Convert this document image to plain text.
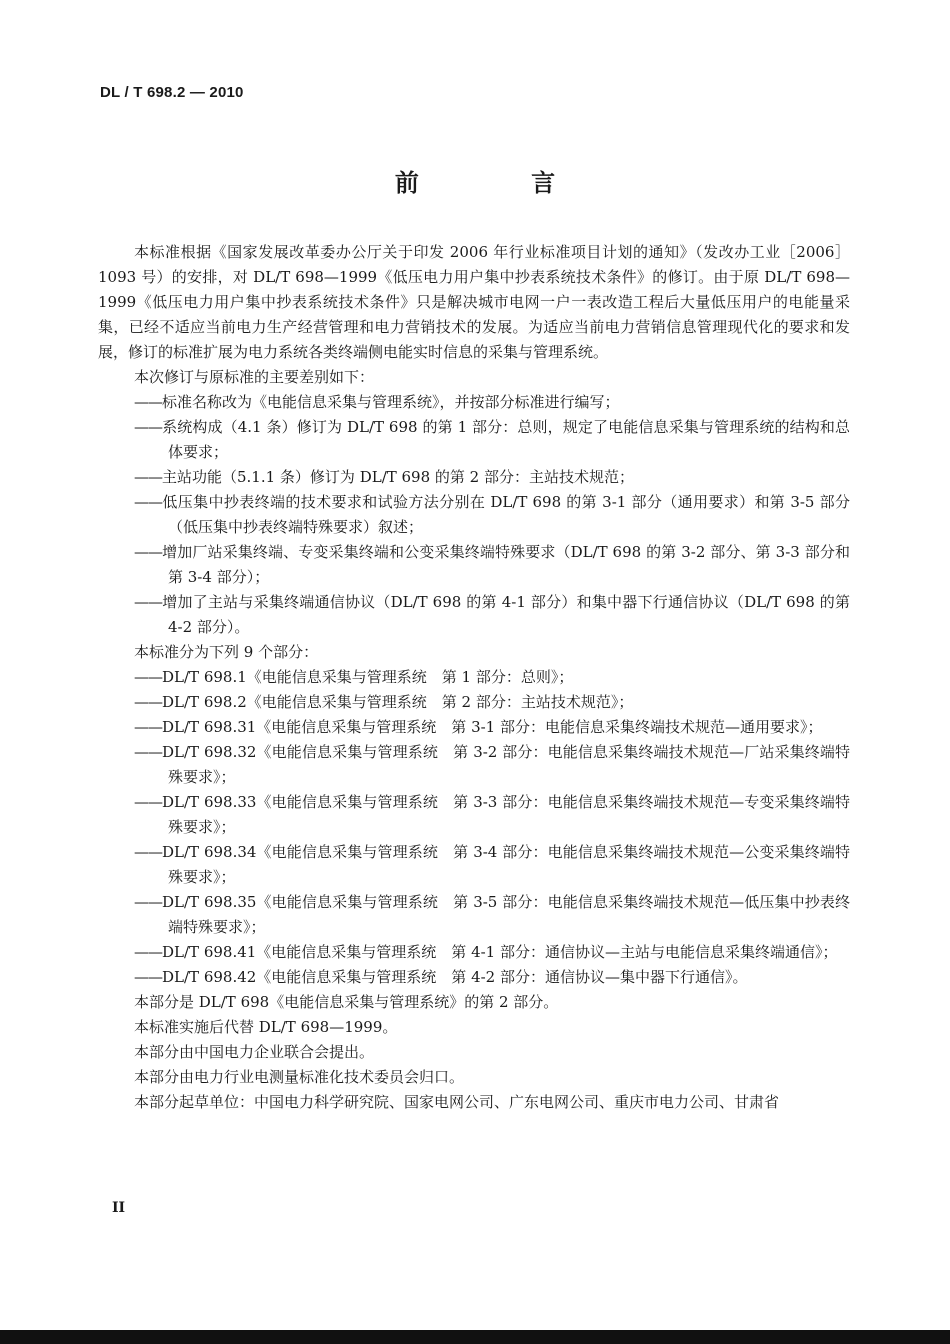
DL / T 698.2 — 2010
前 言

本标准根据《国家发展改革委办公厅关于印发 2006 年行业标准项目计划的通知》（发改办工业［2006］1093 号）的安排，对 DL/T 698—1999《低压电力用户集中抄表系统技术条件》的修订。由于原 DL/T 698—1999《低压电力用户集中抄表系统技术条件》只是解决城市电网一户一表改造工程后大量低压用户的电能量采集，已经不适应当前电力生产经营管理和电力营销技术的发展。为适应当前电力营销信息管理现代化的要求和发展，修订的标准扩展为电力系统各类终端侧电能实时信息的采集与管理系统。

本次修订与原标准的主要差别如下：

——标准名称改为《电能信息采集与管理系统》，并按部分标准进行编写；

——系统构成（4.1 条）修订为 DL/T 698 的第 1 部分：总则，规定了电能信息采集与管理系统的结构和总体要求；

——主站功能（5.1.1 条）修订为 DL/T 698 的第 2 部分：主站技术规范；

——低压集中抄表终端的技术要求和试验方法分别在 DL/T 698 的第 3-1 部分（通用要求）和第 3-5 部分（低压集中抄表终端特殊要求）叙述；

——增加厂站采集终端、专变采集终端和公变采集终端特殊要求（DL/T 698 的第 3-2 部分、第 3-3 部分和第 3-4 部分）；

——增加了主站与采集终端通信协议（DL/T 698 的第 4-1 部分）和集中器下行通信协议（DL/T 698 的第 4-2 部分）。

本标准分为下列 9 个部分：

——DL/T 698.1《电能信息采集与管理系统　第 1 部分：总则》；

——DL/T 698.2《电能信息采集与管理系统　第 2 部分：主站技术规范》；

——DL/T 698.31《电能信息采集与管理系统　第 3-1 部分：电能信息采集终端技术规范—通用要求》；

——DL/T 698.32《电能信息采集与管理系统　第 3-2 部分：电能信息采集终端技术规范—厂站采集终端特殊要求》；

——DL/T 698.33《电能信息采集与管理系统　第 3-3 部分：电能信息采集终端技术规范—专变采集终端特殊要求》；

——DL/T 698.34《电能信息采集与管理系统　第 3-4 部分：电能信息采集终端技术规范—公变采集终端特殊要求》；

——DL/T 698.35《电能信息采集与管理系统　第 3-5 部分：电能信息采集终端技术规范—低压集中抄表终端特殊要求》；

——DL/T 698.41《电能信息采集与管理系统　第 4-1 部分：通信协议—主站与电能信息采集终端通信》；

——DL/T 698.42《电能信息采集与管理系统　第 4-2 部分：通信协议—集中器下行通信》。

本部分是 DL/T 698《电能信息采集与管理系统》的第 2 部分。

本标准实施后代替 DL/T 698—1999。

本部分由中国电力企业联合会提出。

本部分由电力行业电测量标准化技术委员会归口。

本部分起草单位：中国电力科学研究院、国家电网公司、广东电网公司、重庆市电力公司、甘肃省

II
